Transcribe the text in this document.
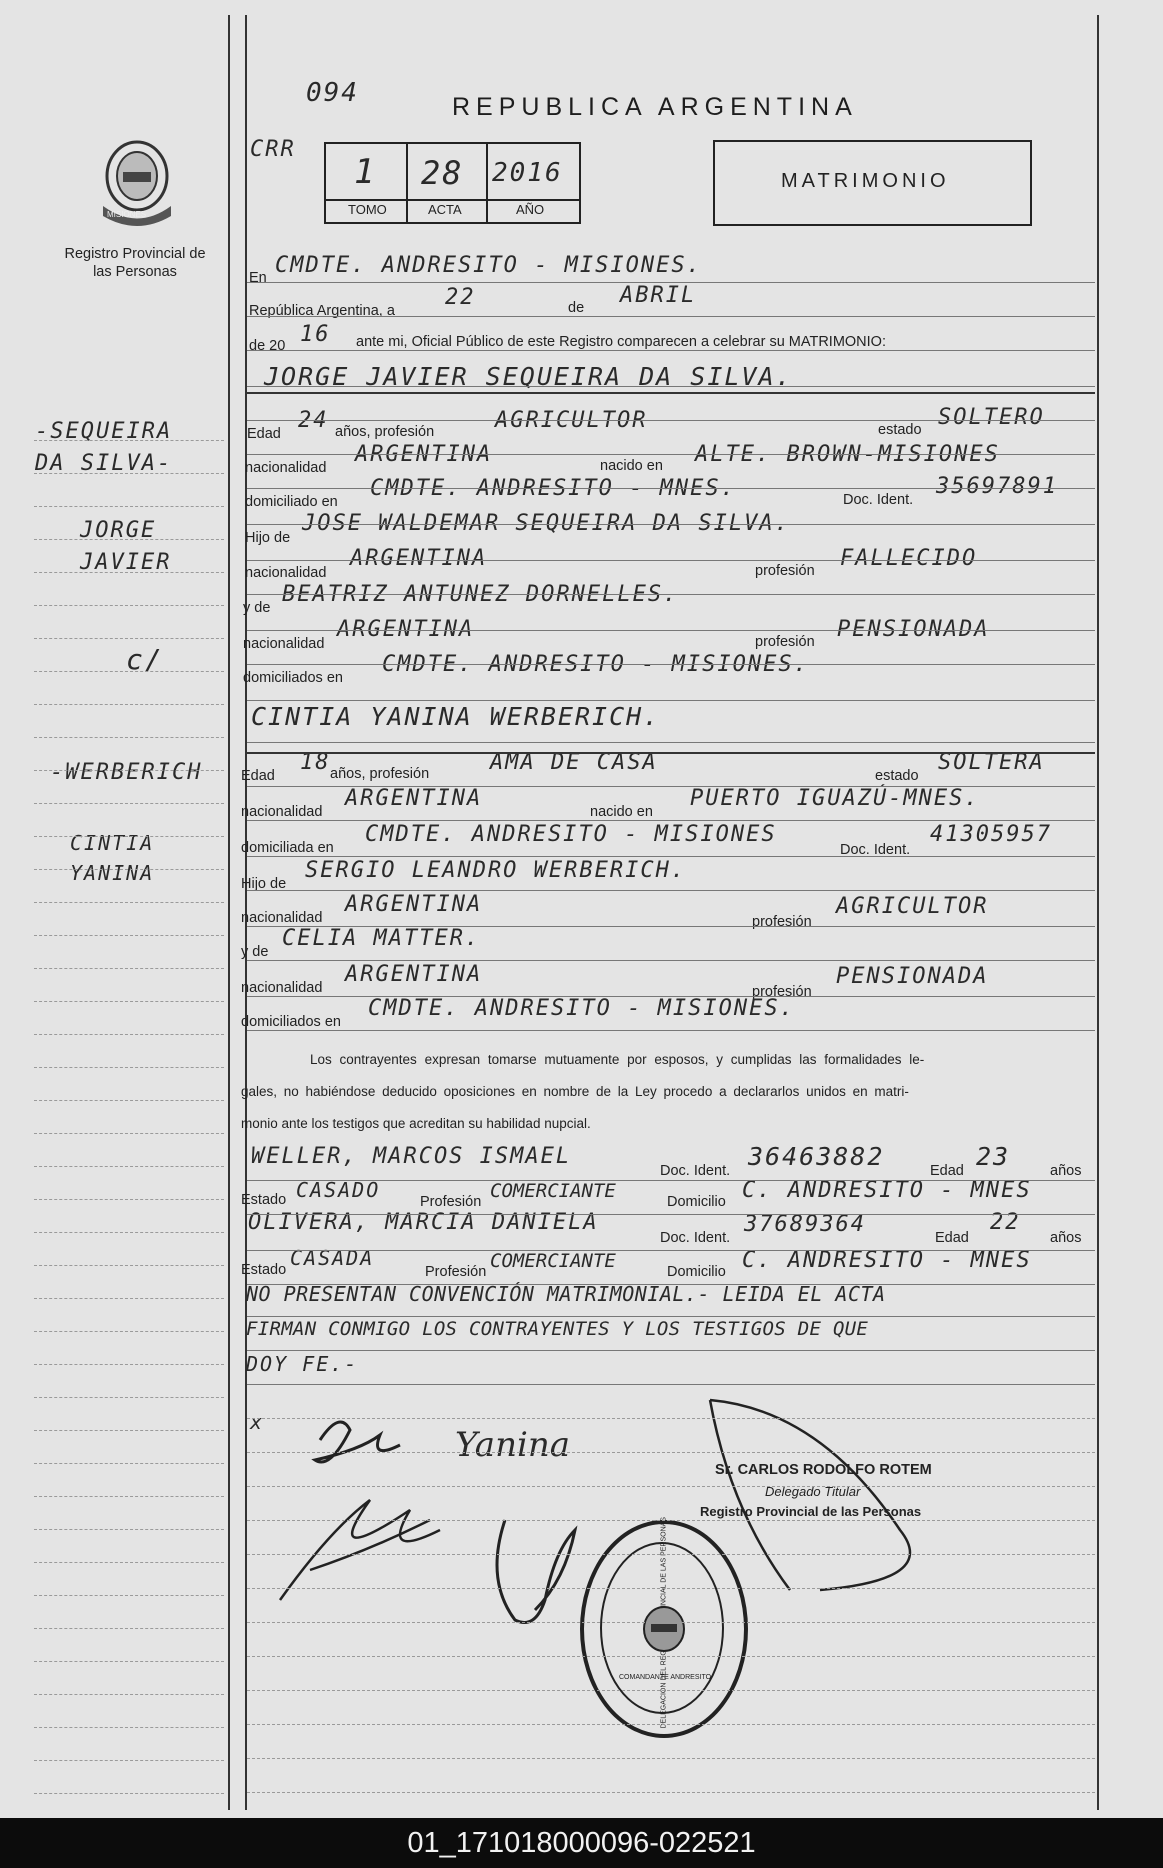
094	REPUBLICA ARGENTINA
CRR
1 28 2016
TOMO	ACTA	AÑO
MATRIMONIO
MISIONES
Registro Provincial de las Personas
-SEQUEIRA DA SILVA-
JORGE JAVIER
c/
-WERBERICH
CINTIA YANINA
En CMDTE. ANDRESITO - MISIONES.
República Argentina, a
22	de ABRIL
de 20 16 ante mi, Oficial Público de este Registro comparecen a celebrar su MATRIMONIO:
JORGE JAVIER SEQUEIRA DA SILVA.
Edad
24 años, profesión	AGRICULTOR	estado SOLTERO
nacionalidad
ARGENTINA	nacido en ALTE. BROWN-MISIONES
domiciliado en
CMDTE. ANDRESITO - MNES.	Doc. Ident.
35697891
Hijo de
JOSE WALDEMAR SEQUEIRA DA SILVA.
nacionalidad
ARGENTINA	profesión FALLECIDO
y de
BEATRIZ ANTUNEZ DORNELLES.
nacionalidad
ARGENTINA	profesión PENSIONADA
domiciliados en
CMDTE. ANDRESITO - MISIONES.
CINTIA YANINA WERBERICH.
Edad
18 años, profesión	AMA DE CASA
estado
SOLTERA
nacionalidad
ARGENTINA
nacido en
PUERTO IGUAZÚ-MNES.
domiciliada en
CMDTE. ANDRESITO - MISIONES
Doc. Ident.
41305957
Hijo de
SERGIO LEANDRO WERBERICH.
nacionalidad
ARGENTINA
profesión
AGRICULTOR
y de
CELIA MATTER.
nacionalidad
ARGENTINA
profesión
PENSIONADA
domiciliados en
CMDTE. ANDRESITO - MISIONES.
Los contrayentes expresan tomarse mutuamente por esposos, y cumplidas las formalidades le-
gales, no habiéndose deducido oposiciones en nombre de la Ley procedo a declararlos unidos en matri-
monio ante los testigos que acreditan su habilidad nupcial.
WELLER, MARCOS ISMAEL
Doc. Ident. 36463882	Edad 23	años
Estado CASADO	Profesión COMERCIANTE	Domicilio C. ANDRESITO - MNES
OLIVERA, MARCIA DANIELA
Doc. Ident.
37689364
Edad
22
años
Estado CASADA
Profesión COMERCIANTE	Domicilio C. ANDRESITO - MNES
NO PRESENTAN CONVENCIÓN MATRIMONIAL.- LEIDA EL ACTA
FIRMAN CONMIGO LOS CONTRAYENTES Y LOS TESTIGOS DE QUE
DOY FE.-
x
Yanina
Sr. CARLOS RODOLFO ROTEM
Delegado Titular
Registro Provincial de las Personas
COMANDANTE ANDRESITO
01_171018000096-022521
